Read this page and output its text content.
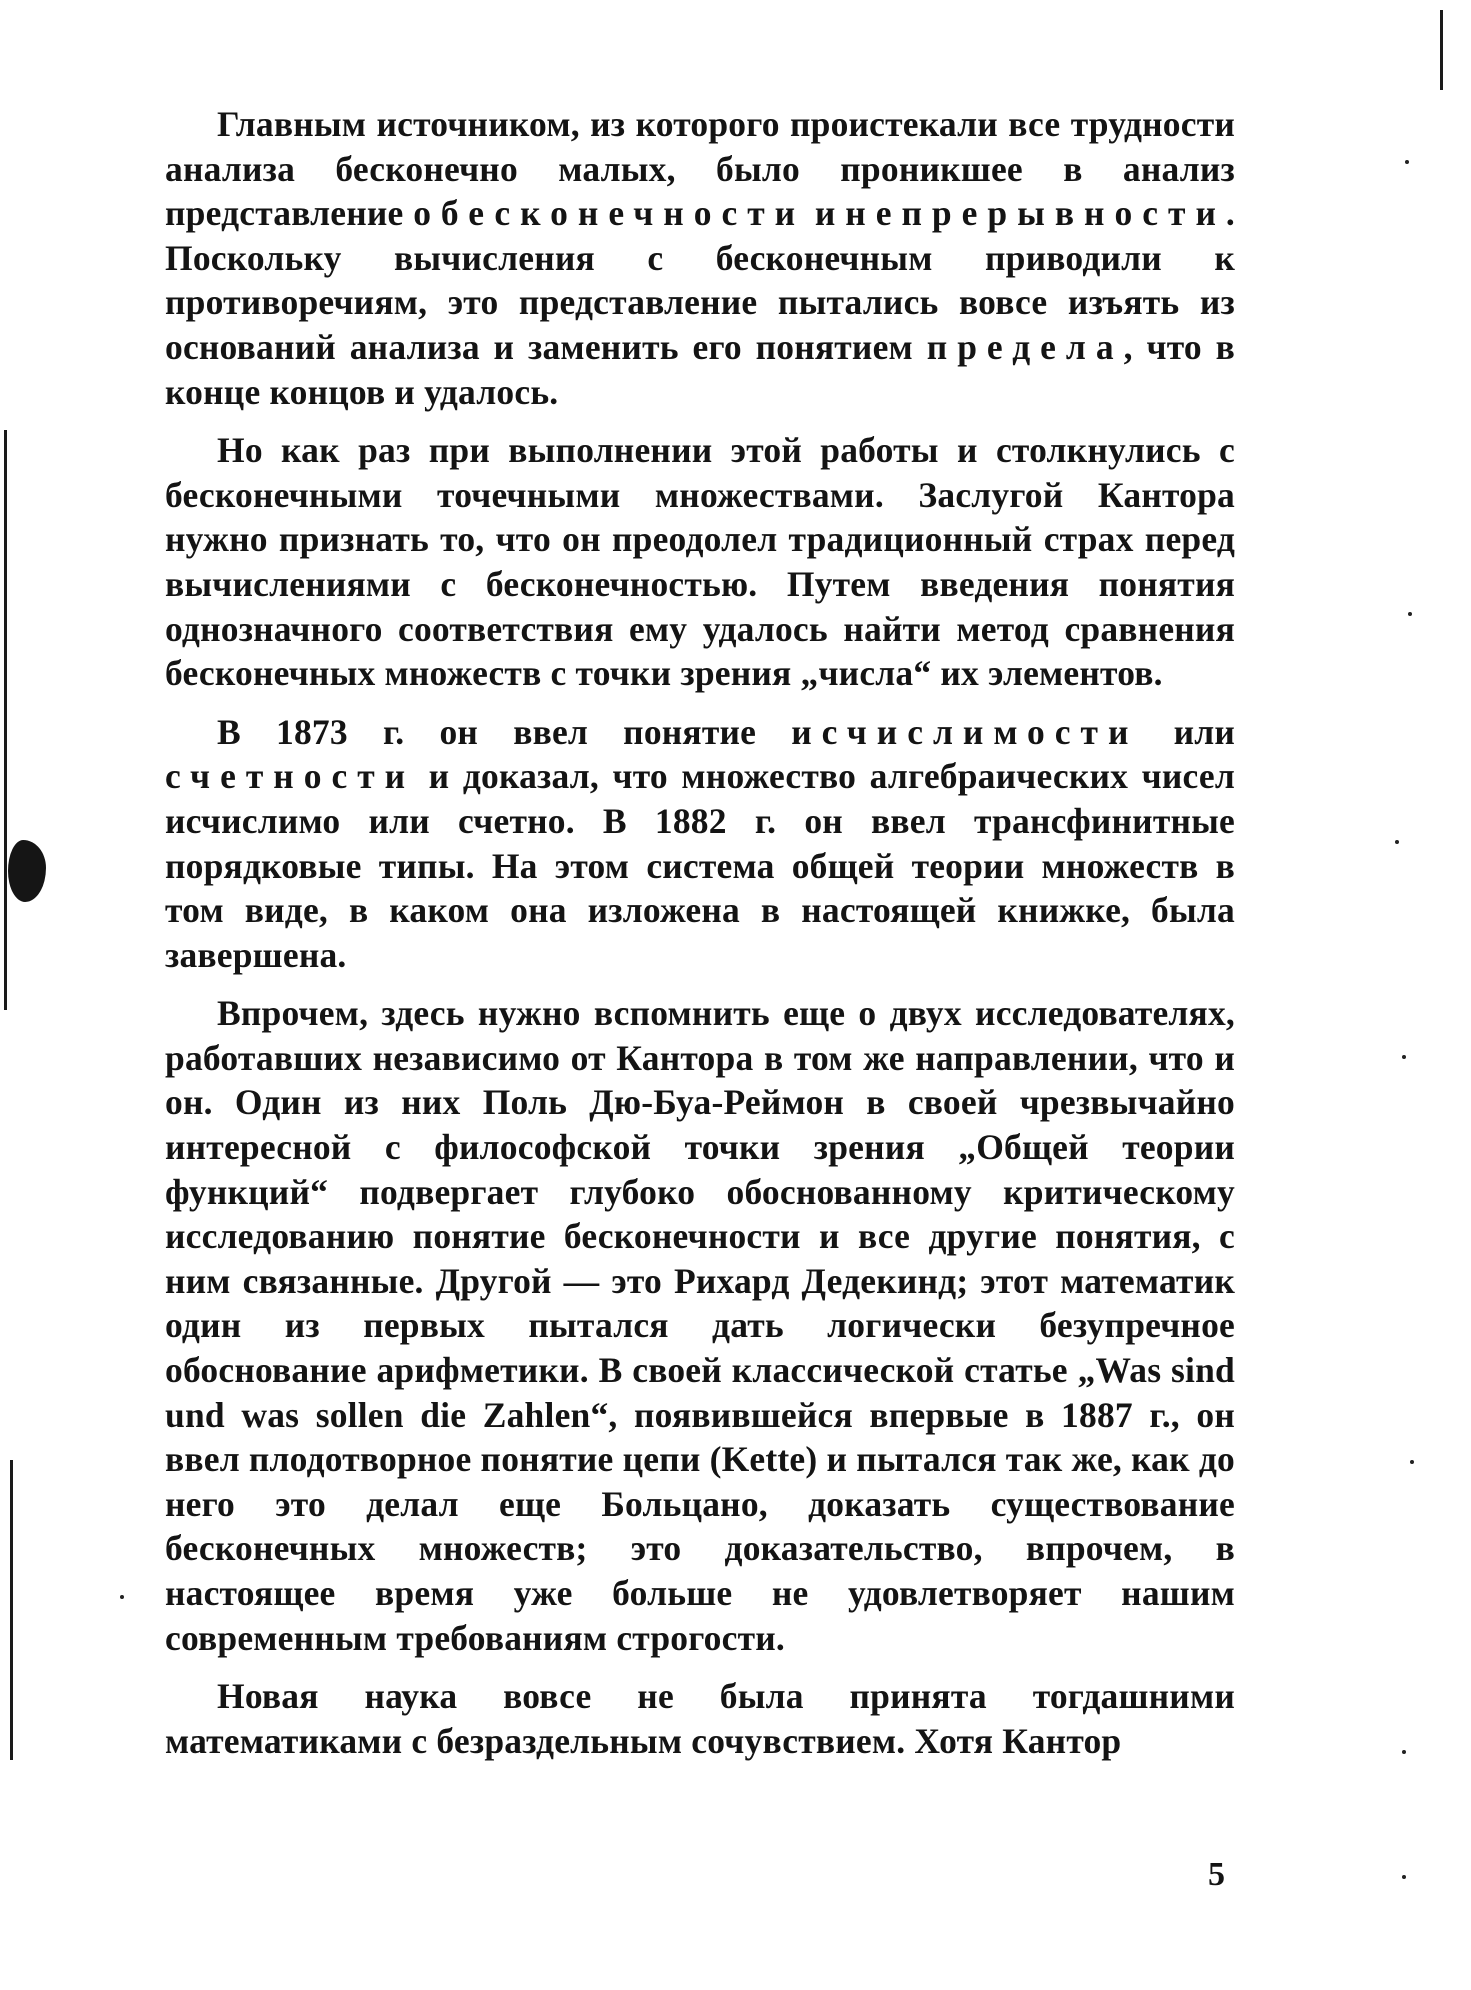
Главным источником, из которого проистекали все трудности анализа бесконечно малых, было проникшее в анализ представление о бесконечности и непрерывности. Поскольку вычисления с бесконечным приводили к противоречиям, это представление пытались вовсе изъять из оснований анализа и заменить его понятием предела, что в конце концов и удалось.

Но как раз при выполнении этой работы и столкнулись с бесконечными точечными множествами. Заслугой Кантора нужно признать то, что он преодолел традиционный страх перед вычислениями с бесконечностью. Путем введения понятия однозначного соответствия ему удалось найти метод сравнения бесконечных множеств с точки зрения „числа“ их элементов.

В 1873 г. он ввел понятие исчислимости или счетности и доказал, что множество алгебраических чисел исчислимо или счетно. В 1882 г. он ввел трансфинитные порядковые типы. На этом система общей теории множеств в том виде, в каком она изложена в настоящей книжке, была завершена.

Впрочем, здесь нужно вспомнить еще о двух исследователях, работавших независимо от Кантора в том же направлении, что и он. Один из них Поль Дю-Буа-Реймон в своей чрезвычайно интересной с философской точки зрения „Общей теории функций“ подвергает глубоко обоснованному критическому исследованию понятие бесконечности и все другие понятия, с ним связанные. Другой — это Рихард Дедекинд; этот математик один из первых пытался дать логически безупречное обоснование арифметики. В своей классической статье „Was sind und was sollen die Zahlen“, появившейся впервые в 1887 г., он ввел плодотворное понятие цепи (Kette) и пытался так же, как до него это делал еще Больцано, доказать существование бесконечных множеств; это доказательство, впрочем, в настоящее время уже больше не удовлетворяет нашим современным требованиям строгости.

Новая наука вовсе не была принята тогдашними математиками с безраздельным сочувствием. Хотя Кантор

5
